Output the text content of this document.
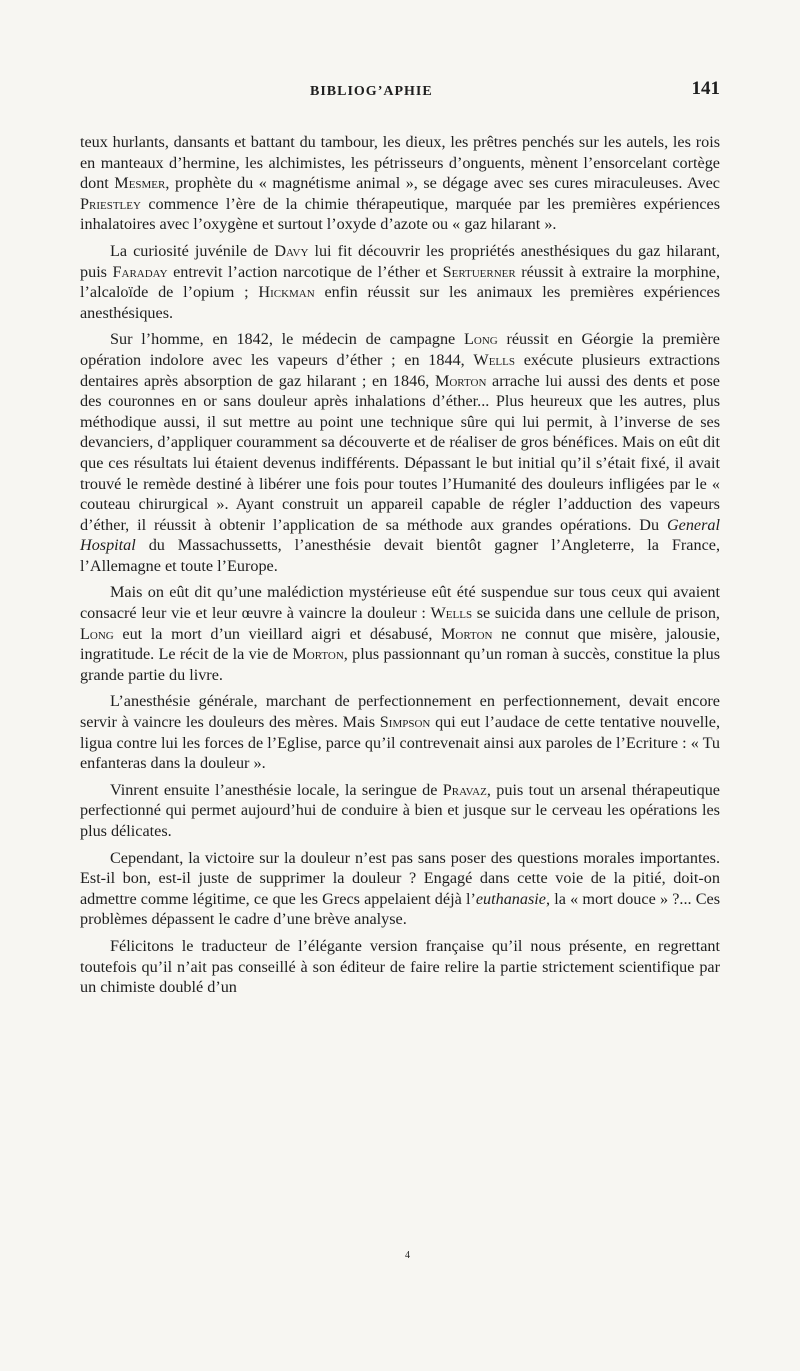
BIBLIOG’APHIE	141

teux hurlants, dansants et battant du tambour, les dieux, les prêtres penchés sur les autels, les rois en manteaux d’hermine, les alchimistes, les pétrisseurs d’onguents, mènent l’ensorcelant cortège dont Mesmer, prophète du « magnétisme animal », se dégage avec ses cures miraculeuses. Avec Priestley commence l’ère de la chimie thérapeutique, marquée par les premières expériences inhalatoires avec l’oxygène et surtout l’oxyde d’azote ou « gaz hilarant ».

La curiosité juvénile de Davy lui fit découvrir les propriétés anesthésiques du gaz hilarant, puis Faraday entrevit l’action narcotique de l’éther et Sertuerner réussit à extraire la morphine, l’alcaloïde de l’opium ; Hickman enfin réussit sur les animaux les premières expériences anesthésiques.

Sur l’homme, en 1842, le médecin de campagne Long réussit en Géorgie la première opération indolore avec les vapeurs d’éther ; en 1844, Wells exécute plusieurs extractions dentaires après absorption de gaz hilarant ; en 1846, Morton arrache lui aussi des dents et pose des couronnes en or sans douleur après inhalations d’éther... Plus heureux que les autres, plus méthodique aussi, il sut mettre au point une technique sûre qui lui permit, à l’inverse de ses devanciers, d’appliquer couramment sa découverte et de réaliser de gros bénéfices. Mais on eût dit que ces résultats lui étaient devenus indifférents. Dépassant le but initial qu’il s’était fixé, il avait trouvé le remède destiné à libérer une fois pour toutes l’Humanité des douleurs infligées par le « couteau chirurgical ». Ayant construit un appareil capable de régler l’adduction des vapeurs d’éther, il réussit à obtenir l’application de sa méthode aux grandes opérations. Du General Hospital du Massachussetts, l’anesthésie devait bientôt gagner l’Angleterre, la France, l’Allemagne et toute l’Europe.

Mais on eût dit qu’une malédiction mystérieuse eût été suspendue sur tous ceux qui avaient consacré leur vie et leur œuvre à vaincre la douleur : Wells se suicida dans une cellule de prison, Long eut la mort d’un vieillard aigri et désabusé, Morton ne connut que misère, jalousie, ingratitude. Le récit de la vie de Morton, plus passionnant qu’un roman à succès, constitue la plus grande partie du livre.

L’anesthésie générale, marchant de perfectionnement en perfectionnement, devait encore servir à vaincre les douleurs des mères. Mais Simpson qui eut l’audace de cette tentative nouvelle, ligua contre lui les forces de l’Eglise, parce qu’il contrevenait ainsi aux paroles de l’Ecriture : « Tu enfanteras dans la douleur ».

Vinrent ensuite l’anesthésie locale, la seringue de Pravaz, puis tout un arsenal thérapeutique perfectionné qui permet aujourd’hui de conduire à bien et jusque sur le cerveau les opérations les plus délicates.

Cependant, la victoire sur la douleur n’est pas sans poser des questions morales importantes. Est-il bon, est-il juste de supprimer la douleur ? Engagé dans cette voie de la pitié, doit-on admettre comme légitime, ce que les Grecs appelaient déjà l’euthanasie, la « mort douce » ?... Ces problèmes dépassent le cadre d’une brève analyse.

Félicitons le traducteur de l’élégante version française qu’il nous présente, en regrettant toutefois qu’il n’ait pas conseillé à son éditeur de faire relire la partie strictement scientifique par un chimiste doublé d’un

4
